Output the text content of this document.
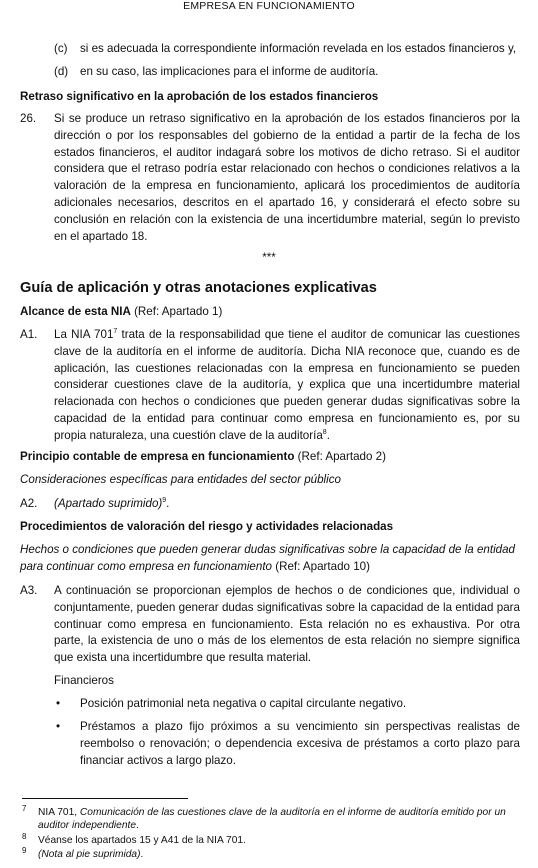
EMPRESA EN FUNCIONAMIENTO
(c) si es adecuada la correspondiente información revelada en los estados financieros y,
(d) en su caso, las implicaciones para el informe de auditoría.
Retraso significativo en la aprobación de los estados financieros
26. Si se produce un retraso significativo en la aprobación de los estados financieros por la dirección o por los responsables del gobierno de la entidad a partir de la fecha de los estados financieros, el auditor indagará sobre los motivos de dicho retraso. Si el auditor considera que el retraso podría estar relacionado con hechos o condiciones relativos a la valoración de la empresa en funcionamiento, aplicará los procedimientos de auditoría adicionales necesarios, descritos en el apartado 16, y considerará el efecto sobre su conclusión en relación con la existencia de una incertidumbre material, según lo previsto en el apartado 18.
***
Guía de aplicación y otras anotaciones explicativas
Alcance de esta NIA (Ref: Apartado 1)
A1. La NIA $701^7$ trata de la responsabilidad que tiene el auditor de comunicar las cuestiones clave de la auditoría en el informe de auditoría. Dicha NIA reconoce que, cuando es de aplicación, las cuestiones relacionadas con la empresa en funcionamiento se pueden considerar cuestiones clave de la auditoría, y explica que una incertidumbre material relacionada con hechos o condiciones que pueden generar dudas significativas sobre la capacidad de la entidad para continuar como empresa en funcionamiento es, por su propia naturaleza, una cuestión clave de la auditoría$^8$.
Principio contable de empresa en funcionamiento (Ref: Apartado 2)
Consideraciones específicas para entidades del sector público
A2. (Apartado suprimido)$^9$.
Procedimientos de valoración del riesgo y actividades relacionadas
Hechos o condiciones que pueden generar dudas significativas sobre la capacidad de la entidad para continuar como empresa en funcionamiento (Ref: Apartado 10)
A3. A continuación se proporcionan ejemplos de hechos o de condiciones que, individual o conjuntamente, pueden generar dudas significativas sobre la capacidad de la entidad para continuar como empresa en funcionamiento. Esta relación no es exhaustiva. Por otra parte, la existencia de uno o más de los elementos de esta relación no siempre significa que exista una incertidumbre que resulta material.
Financieros
• Posición patrimonial neta negativa o capital circulante negativo.
• Préstamos a plazo fijo próximos a su vencimiento sin perspectivas realistas de reembolso o renovación; o dependencia excesiva de préstamos a corto plazo para financiar activos a largo plazo.
7 NIA 701, Comunicación de las cuestiones clave de la auditoría en el informe de auditoría emitido por un auditor independiente.
8 Véanse los apartados 15 y A41 de la NIA 701.
9 (Nota al pie suprimida).
